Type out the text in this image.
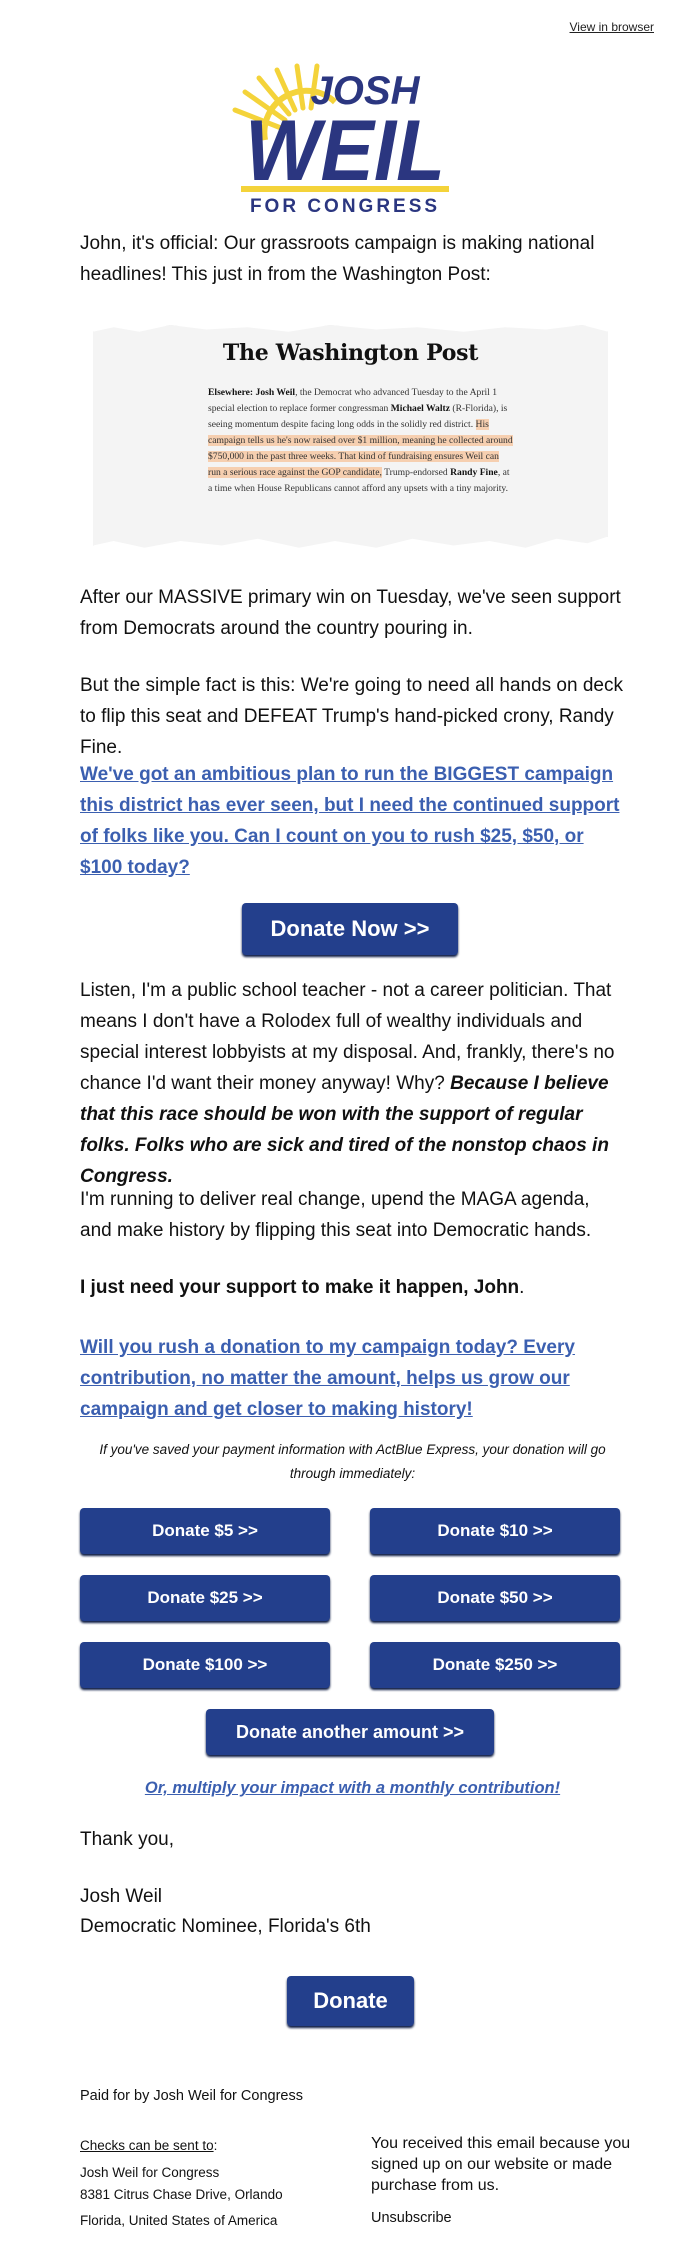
View in browser
JOSH
WEIL
FOR CONGRESS

John, it's official: Our grassroots campaign is making national headlines! This just in from the Washington Post:

The Washington Post
Elsewhere: Josh Weil, the Democrat who advanced Tuesday to the April 1 special election to replace former congressman Michael Waltz (R-Florida), is seeing momentum despite facing long odds in the solidly red district. His campaign tells us he's now raised over $1 million, meaning he collected around $750,000 in the past three weeks. That kind of fundraising ensures Weil can run a serious race against the GOP candidate, Trump-endorsed Randy Fine, at a time when House Republicans cannot afford any upsets with a tiny majority.

After our MASSIVE primary win on Tuesday, we've seen support from Democrats around the country pouring in.

But the simple fact is this: We're going to need all hands on deck to flip this seat and DEFEAT Trump's hand-picked crony, Randy Fine.

We've got an ambitious plan to run the BIGGEST campaign this district has ever seen, but I need the continued support of folks like you. Can I count on you to rush $25, $50, or $100 today?
Donate Now >>

Listen, I'm a public school teacher - not a career politician. That means I don't have a Rolodex full of wealthy individuals and special interest lobbyists at my disposal. And, frankly, there's no chance I'd want their money anyway! Why? Because I believe that this race should be won with the support of regular folks. Folks who are sick and tired of the nonstop chaos in Congress.

I'm running to deliver real change, upend the MAGA agenda, and make history by flipping this seat into Democratic hands.

I just need your support to make it happen, John.

Will you rush a donation to my campaign today? Every contribution, no matter the amount, helps us grow our campaign and get closer to making history!

If you've saved your payment information with ActBlue Express, your donation will go through immediately:

Donate $5 >>	Donate $10 >>
Donate $25 >>	Donate $50 >>
Donate $100 >>	Donate $250 >>
Donate another amount >>
Or, multiply your impact with a monthly contribution!

Thank you,

Josh Weil

Democratic Nominee, Florida's 6th

Donate

Paid for by Josh Weil for Congress

Checks can be sent to:

Josh Weil for Congress

8381 Citrus Chase Drive, Orlando

Florida, United States of America

You received this email because you signed up on our website or made purchase from us.

Unsubscribe
